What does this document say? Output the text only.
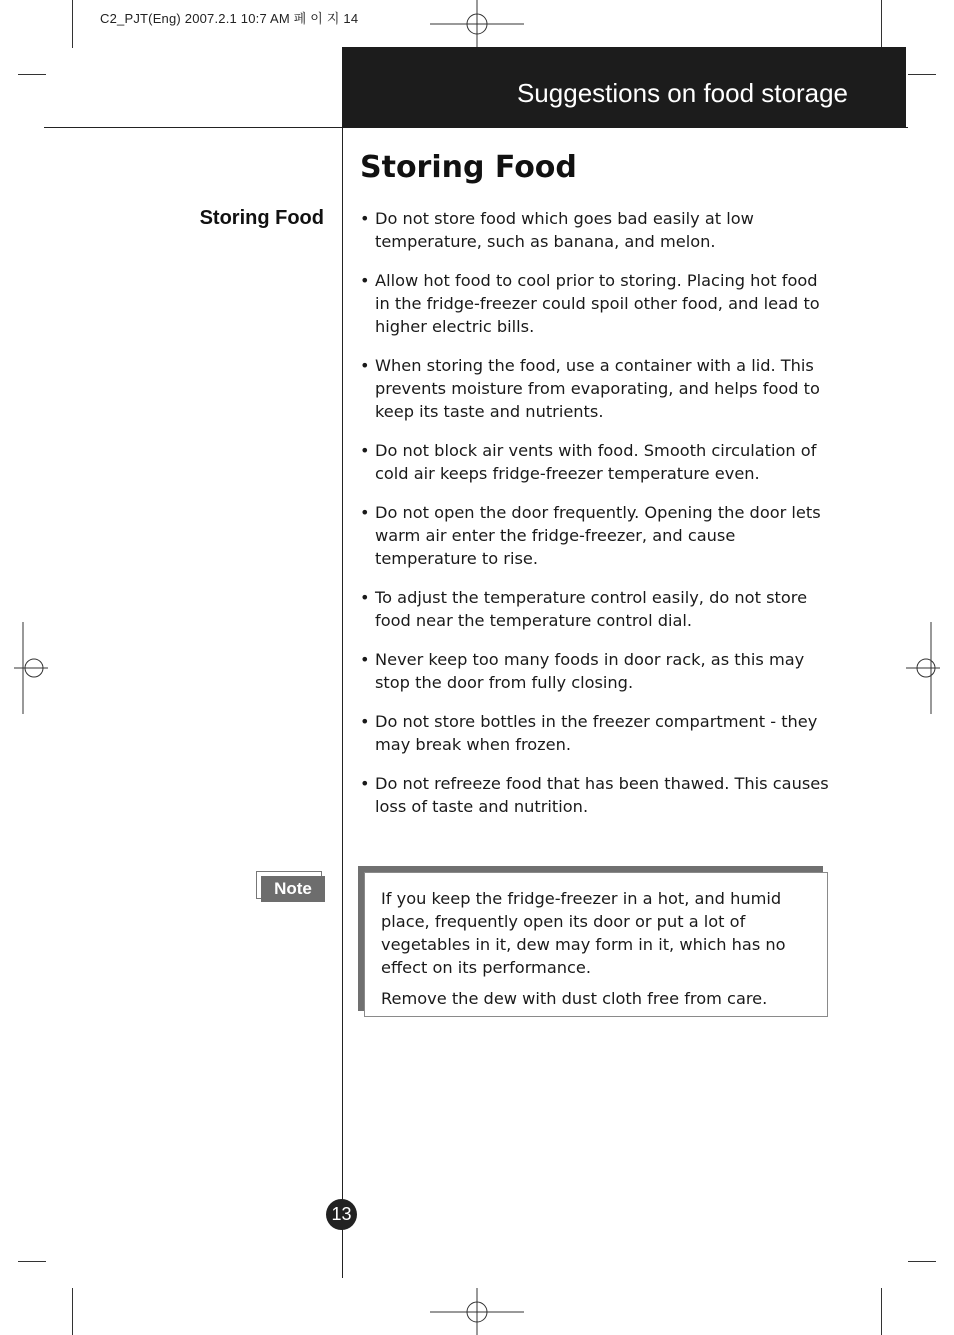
C2_PJT(Eng) 2007.2.1 10:7 AM 페 이 지 14
Suggestions on food storage
Storing Food
Storing Food • Do not store food which goes bad easily at low temperature, such as banana, and melon.
• Allow hot food to cool prior to storing. Placing hot food in the fridge-freezer could spoil other food, and lead to higher electric bills.
• When storing the food, use a container with a lid. This prevents moisture from evaporating, and helps food to keep its taste and nutrients.
• Do not block air vents with food. Smooth circulation of cold air keeps fridge-freezer temperature even.
• Do not open the door frequently. Opening the door lets warm air enter the fridge-freezer, and cause temperature to rise.
• To adjust the temperature control easily, do not store food near the temperature control dial.
• Never keep too many foods in door rack, as this may stop the door from fully closing.
• Do not store bottles in the freezer compartment - they may break when frozen.
• Do not refreeze food that has been thawed. This causes loss of taste and nutrition.
Note

If you keep the fridge-freezer in a hot, and humid place, frequently open its door or put a lot of vegetables in it, dew may form in it, which has no effect on its performance.

Remove the dew with dust cloth free from care.

13
